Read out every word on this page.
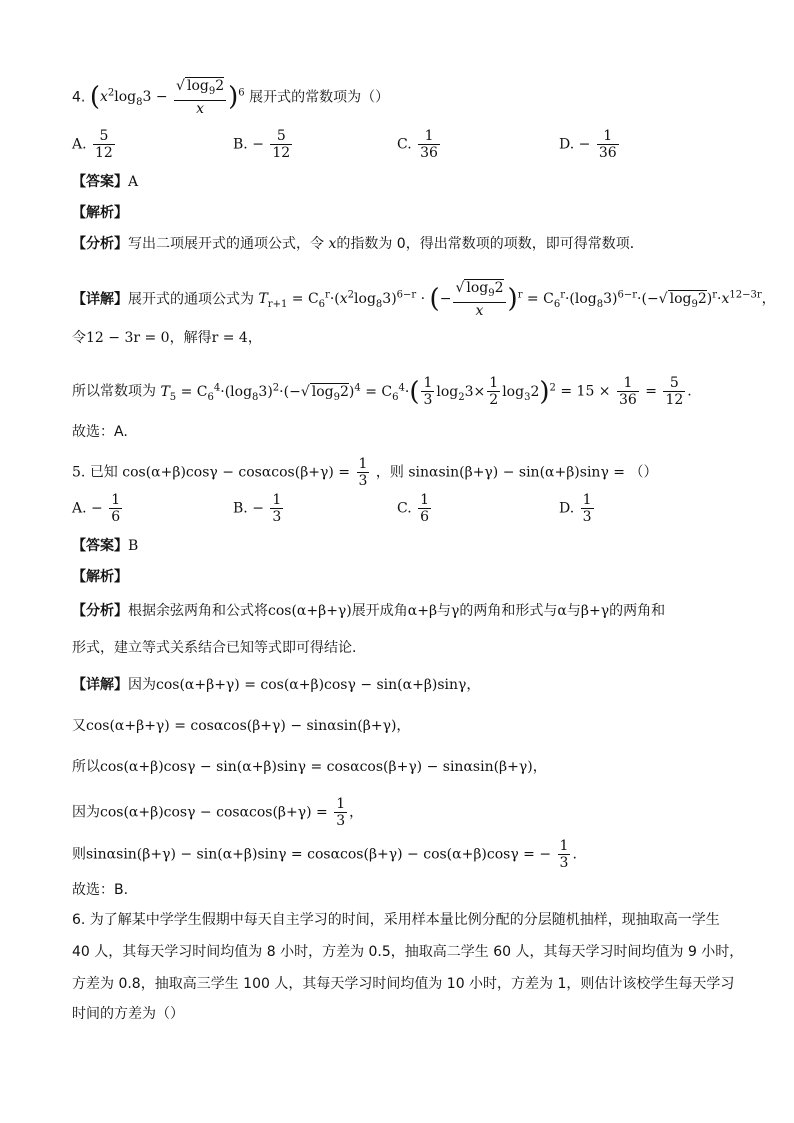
4. $(x^2\log_83 - \frac{√ \log_92}{x} )^6$ 展开式的常数项为（）
A. $\frac{5}{12}$	B. − $\frac{5}{12}$	C. $\frac{1}{36}$	D. − $\frac{1}{36}$
【答案】A
【解析】
【分析】写出二项展开式的通项公式，令 x的指数为 0，得出常数项的项数，即可得常数项．
【详解】展开式的通项公式为 $T_{r+1} = C_6^r\cdot(x^2\log_83)^{6-r}$ · (− $\frac{√ \log_92}{x} )^r = C_6^r\cdot(\log_83)^{6-r}\cdot(-√$ $\log_92)^r\cdot x^{12-3r}$，
令12 − 3r = 0，解得r = 4，
所以常数项为 $T_5 = C_6^4\cdot(\log_83)^2\cdot(-√$ $\log_92)^4 = C_6^4\cdot( \frac{1}{3} \log_23\times \frac{1}{2} \log_32)^2 = 15 \times \frac{1}{36} = \frac{5}{12}$ .
故选：A.
5. 已知 $\cos(\alpha+\beta)\cos\gamma - \cos\alpha\cos(\beta+\gamma) = \frac{1}{3}$ ，则 sinαsin(β+γ) − sin(α+β)sinγ = （）
A. − $\frac{1}{6}$	B. − $\frac{1}{3}$	C. $\frac{1}{6}$	D. $\frac{1}{3}$
【答案】B
【解析】
【分析】根据余弦两角和公式将cos(α+β+γ)展开成角α+β与γ的两角和形式与α与β+γ的两角和
形式，建立等式关系结合已知等式即可得结论.
【详解】因为cos(α+β+γ) = cos(α+β)cosγ − sin(α+β)sinγ，
又cos(α+β+γ) = cosαcos(β+γ) − sinαsin(β+γ)，
所以cos(α+β)cosγ − sin(α+β)sinγ = cosαcos(β+γ) − sinαsin(β+γ)，
因为$\cos(\alpha+\beta)\cos\gamma - \cos\alpha\cos(\beta+\gamma) = \frac{1}{3}$ ，
则sinαsin(β+γ) − sin(α+β)sinγ = cosαcos(β+γ) − cos(α+β)cosγ = − $\frac{1}{3}$ .
故选：B.
6. 为了解某中学学生假期中每天自主学习的时间，采用样本量比例分配的分层随机抽样，现抽取高一学生
40 人，其每天学习时间均值为 8 小时，方差为 0.5，抽取高二学生 60 人，其每天学习时间均值为 9 小时，
方差为 0.8，抽取高三学生 100 人，其每天学习时间均值为 10 小时，方差为 1，则估计该校学生每天学习
时间的方差为（）
